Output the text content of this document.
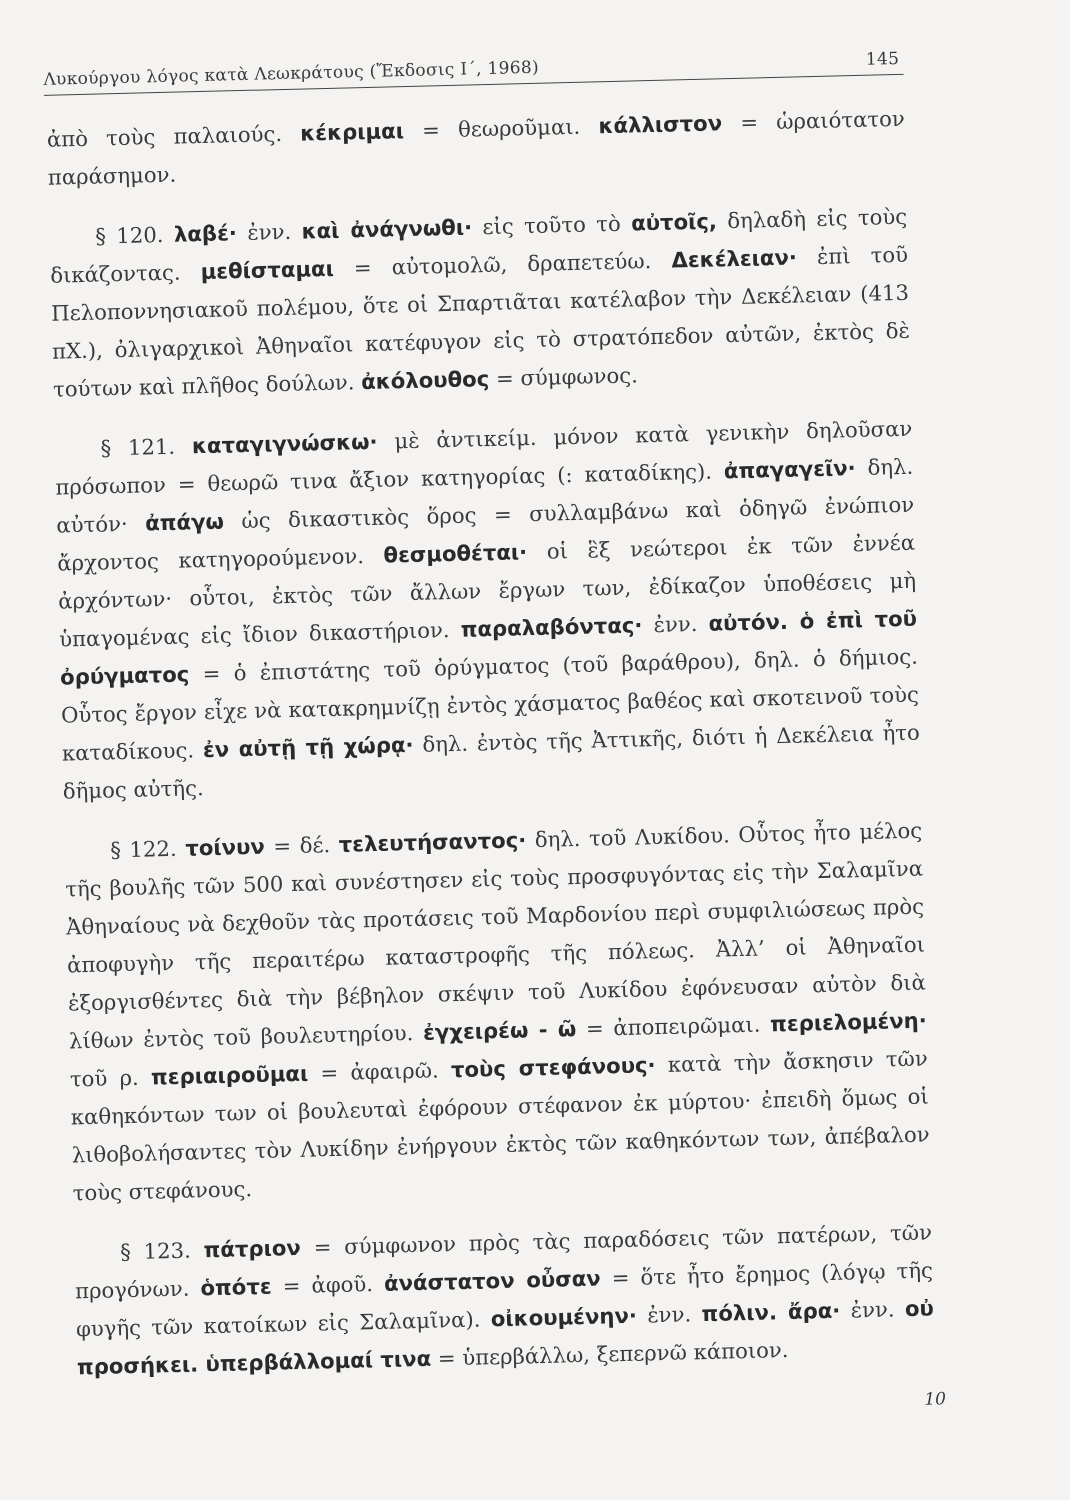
Λυκούργου λόγος κατὰ Λεωκράτους (Ἔκδοσις Ι΄, 1968)	145

ἀπὸ τοὺς παλαιούς. κέκριμαι = θεωροῦμαι. κάλλιστον = ὡραιότατον παράσημον.

§ 120. λαβέ· ἐνν. καὶ ἀνάγνωθι· εἰς τοῦτο τὸ αὐτοῖς, δηλαδὴ εἰς τοὺς δικάζοντας. μεθίσταμαι = αὐτομολῶ, δραπετεύω. Δεκέλειαν· ἐπὶ τοῦ Πελοποννησιακοῦ πολέμου, ὅτε οἱ Σπαρτιᾶται κατέλαβον τὴν Δεκέλειαν (413 πΧ.), ὀλιγαρχικοὶ Ἀθηναῖοι κατέφυγον εἰς τὸ στρατόπεδον αὐτῶν, ἐκτὸς δὲ τούτων καὶ πλῆθος δούλων. ἀκόλουθος = σύμφωνος.

§ 121. καταγιγνώσκω· μὲ ἀντικείμ. μόνον κατὰ γενικὴν δηλοῦσαν πρόσωπον = θεωρῶ τινα ἄξιον κατηγορίας (: καταδίκης). ἀπαγαγεῖν· δηλ. αὐτόν· ἀπάγω ὡς δικαστικὸς ὅρος = συλλαμβάνω καὶ ὁδηγῶ ἐνώπιον ἄρχοντος κατηγορούμενον. θεσμοθέται· οἱ ἓξ νεώτεροι ἐκ τῶν ἐννέα ἀρχόντων· οὗτοι, ἐκτὸς τῶν ἄλλων ἔργων των, ἐδίκαζον ὑποθέσεις μὴ ὑπαγομένας εἰς ἴδιον δικαστήριον. παραλαβόντας· ἐνν. αὐτόν. ὁ ἐπὶ τοῦ ὀρύγματος = ὁ ἐπιστάτης τοῦ ὀρύγματος (τοῦ βαράθρου), δηλ. ὁ δήμιος. Οὗτος ἔργον εἶχε νὰ κατακρημνίζῃ ἐντὸς χάσματος βαθέος καὶ σκοτεινοῦ τοὺς καταδίκους. ἐν αὐτῇ τῇ χώρᾳ· δηλ. ἐντὸς τῆς Ἀττικῆς, διότι ἡ Δεκέλεια ἦτο δῆμος αὐτῆς.

§ 122. τοίνυν = δέ. τελευτήσαντος· δηλ. τοῦ Λυκίδου. Οὗτος ἦτο μέλος τῆς βουλῆς τῶν 500 καὶ συνέστησεν εἰς τοὺς προσφυγόντας εἰς τὴν Σαλαμῖνα Ἀθηναίους νὰ δεχθοῦν τὰς προτάσεις τοῦ Μαρδονίου περὶ συμφιλιώσεως πρὸς ἀποφυγὴν τῆς περαιτέρω καταστροφῆς τῆς πόλεως. Ἀλλ’ οἱ Ἀθηναῖοι ἐξοργισθέντες διὰ τὴν βέβηλον σκέψιν τοῦ Λυκίδου ἐφόνευσαν αὐτὸν διὰ λίθων ἐντὸς τοῦ βουλευτηρίου. ἐγχειρέω - ῶ = ἀποπειρῶμαι. περιελομένη· τοῦ ρ. περιαιροῦμαι = ἀφαιρῶ. τοὺς στεφάνους· κατὰ τὴν ἄσκησιν τῶν καθηκόντων των οἱ βουλευταὶ ἐφόρουν στέφανον ἐκ μύρτου· ἐπειδὴ ὅμως οἱ λιθοβολήσαντες τὸν Λυκίδην ἐνήργουν ἐκτὸς τῶν καθηκόντων των, ἀπέβαλον τοὺς στεφάνους.

§ 123. πάτριον = σύμφωνον πρὸς τὰς παραδόσεις τῶν πατέρων, τῶν προγόνων. ὁπότε = ἀφοῦ. ἀνάστατον οὖσαν = ὅτε ἦτο ἔρημος (λόγῳ τῆς φυγῆς τῶν κατοίκων εἰς Σαλαμῖνα). οἰκουμένην· ἐνν. πόλιν. ἄρα· ἐνν. οὐ προσήκει. ὑπερβάλλομαί τινα = ὑπερβάλλω, ξεπερνῶ κάποιον.

10
